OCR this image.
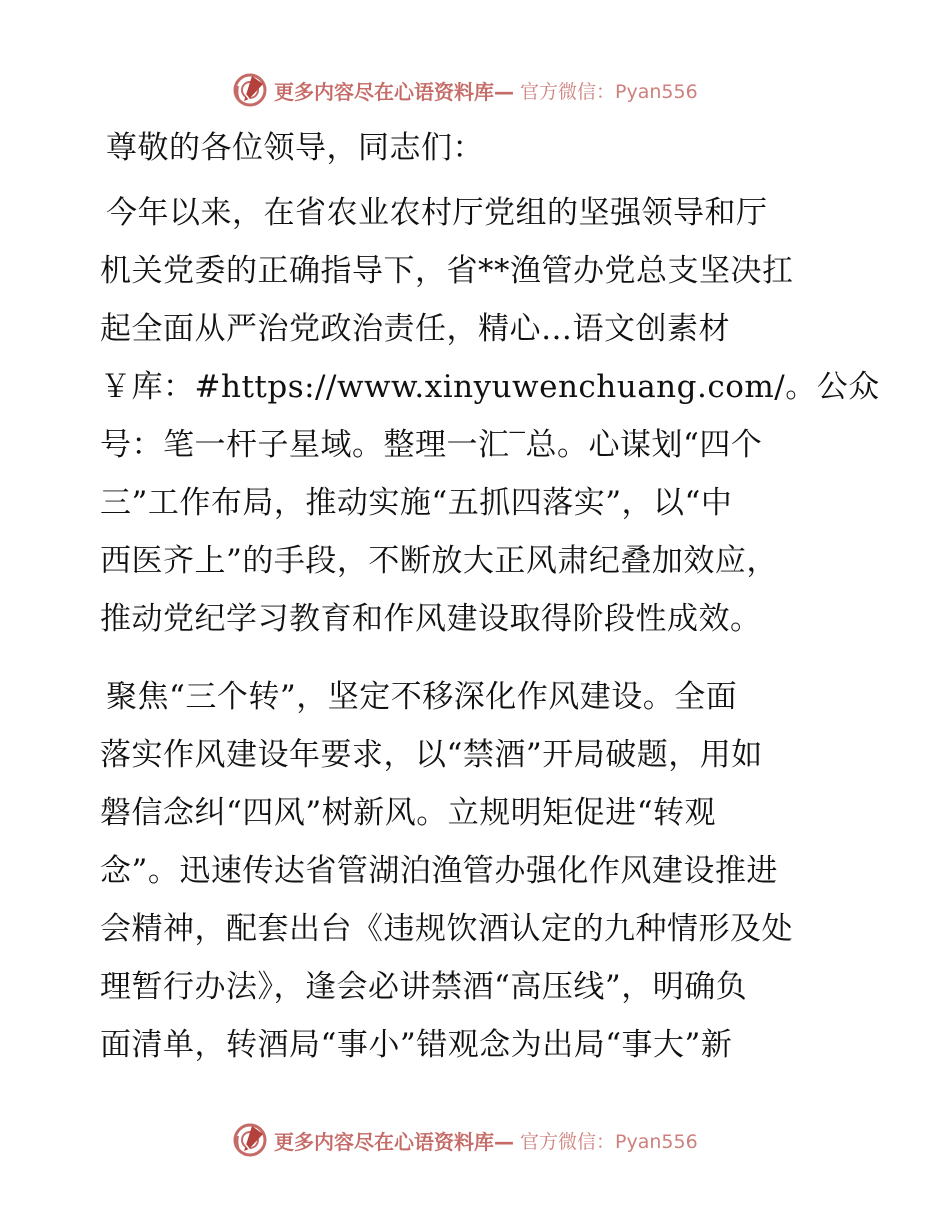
更多内容尽在心语资料库— 官方微信：Pyan556
尊敬的各位领导，同志们：
今年以来，在省农业农村厅党组的坚强领导和厅
机关党委的正确指导下，省**渔管办党总支坚决扛
起全面从严治党政治责任，精心…语文创素材
￥库：#https://www.xinyuwenchuang.com/。公众
号：笔一杆子星域。整理一汇‾总。心谋划“四个
三”工作布局，推动实施“五抓四落实”，以“中
西医齐上”的手段，不断放大正风肃纪叠加效应，
推动党纪学习教育和作风建设取得阶段性成效。
聚焦“三个转”，坚定不移深化作风建设。全面
落实作风建设年要求，以“禁酒”开局破题，用如
磐信念纠“四风”树新风。立规明矩促进“转观
念”。迅速传达省管湖泊渔管办强化作风建设推进
会精神，配套出台《违规饮酒认定的九种情形及处
理暂行办法》，逢会必讲禁酒“高压线”，明确负
面清单，转酒局“事小”错观念为出局“事大”新
更多内容尽在心语资料库— 官方微信：Pyan556
